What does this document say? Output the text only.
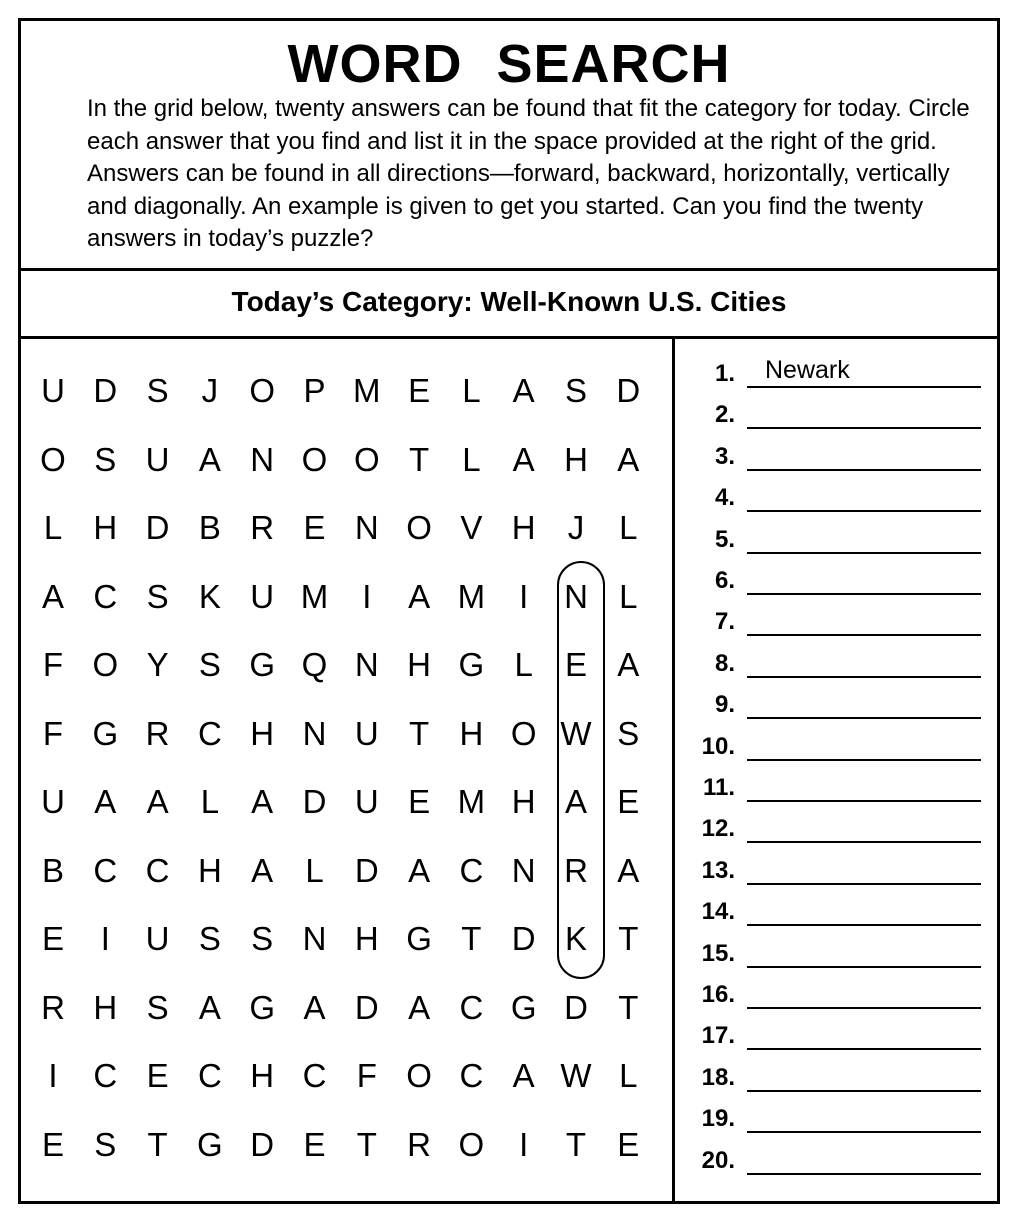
WORD SEARCH
In the grid below, twenty answers can be found that fit the category for today. Circle each answer that you find and list it in the space provided at the right of the grid. Answers can be found in all directions—forward, backward, horizontally, vertically and diagonally. An example is given to get you started. Can you find the twenty answers in today’s puzzle?
Today’s Category: Well-Known U.S. Cities
U D S	J O P M E L A S D
O S U A N O O T	L A H A
L H D B R E N O V H J	L
A C S K U M	I	A M	I	N L
F O Y S G Q N H G L E A
F G R C H N U T H O W S
U A A L A D U E M H A E
B C C H A L D A C N R A
E	I	U S S N H G T D K T
R H S A G A D A C G D T
I	C E C H C F O C A W L
E S T G D E T R O	I	T E
1. Newark
2.
3.
4.
5.
6.
7.
8.
9.
10.
11.
12.
13.
14.
15.
16.
17.
18.
19.
20.
